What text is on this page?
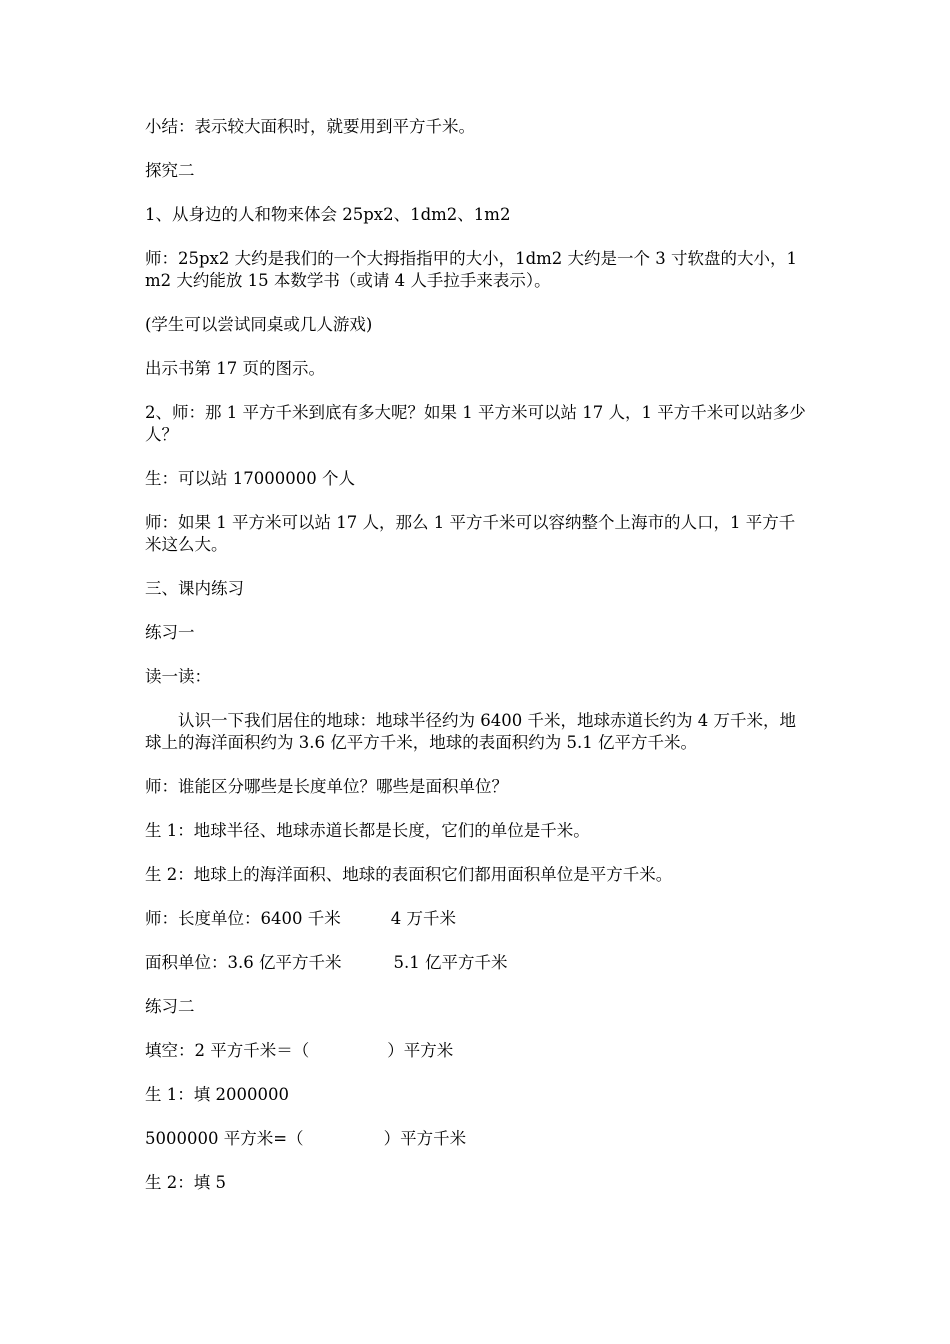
小结：表示较大面积时，就要用到平方千米。

探究二

1、从身边的人和物来体会 25px2、1dm2、1m2

师：25px2 大约是我们的一个大拇指指甲的大小，1dm2 大约是一个 3 寸软盘的大小，1m2 大约能放 15 本数学书（或请 4 人手拉手来表示）。

(学生可以尝试同桌或几人游戏)

出示书第 17 页的图示。

2、师：那 1 平方千米到底有多大呢？如果 1 平方米可以站 17 人，1 平方千米可以站多少人？

生：可以站 17000000 个人

师：如果 1 平方米可以站 17 人，那么 1 平方千米可以容纳整个上海市的人口，1 平方千米这么大。

三、课内练习

练习一

读一读：

认识一下我们居住的地球：地球半径约为 6400 千米，地球赤道长约为 4 万千米，地球上的海洋面积约为 3.6 亿平方千米，地球的表面积约为 5.1 亿平方千米。

师：谁能区分哪些是长度单位？哪些是面积单位？

生 1：地球半径、地球赤道长都是长度，它们的单位是千米。

生 2：地球上的海洋面积、地球的表面积它们都用面积单位是平方千米。

师：长度单位：6400 千米	4 万千米

面积单位：3.6 亿平方千米	5.1 亿平方千米

练习二

填空：2 平方千米＝（	）平方米

生 1：填 2000000

5000000 平方米=（	）平方千米

生 2：填 5
